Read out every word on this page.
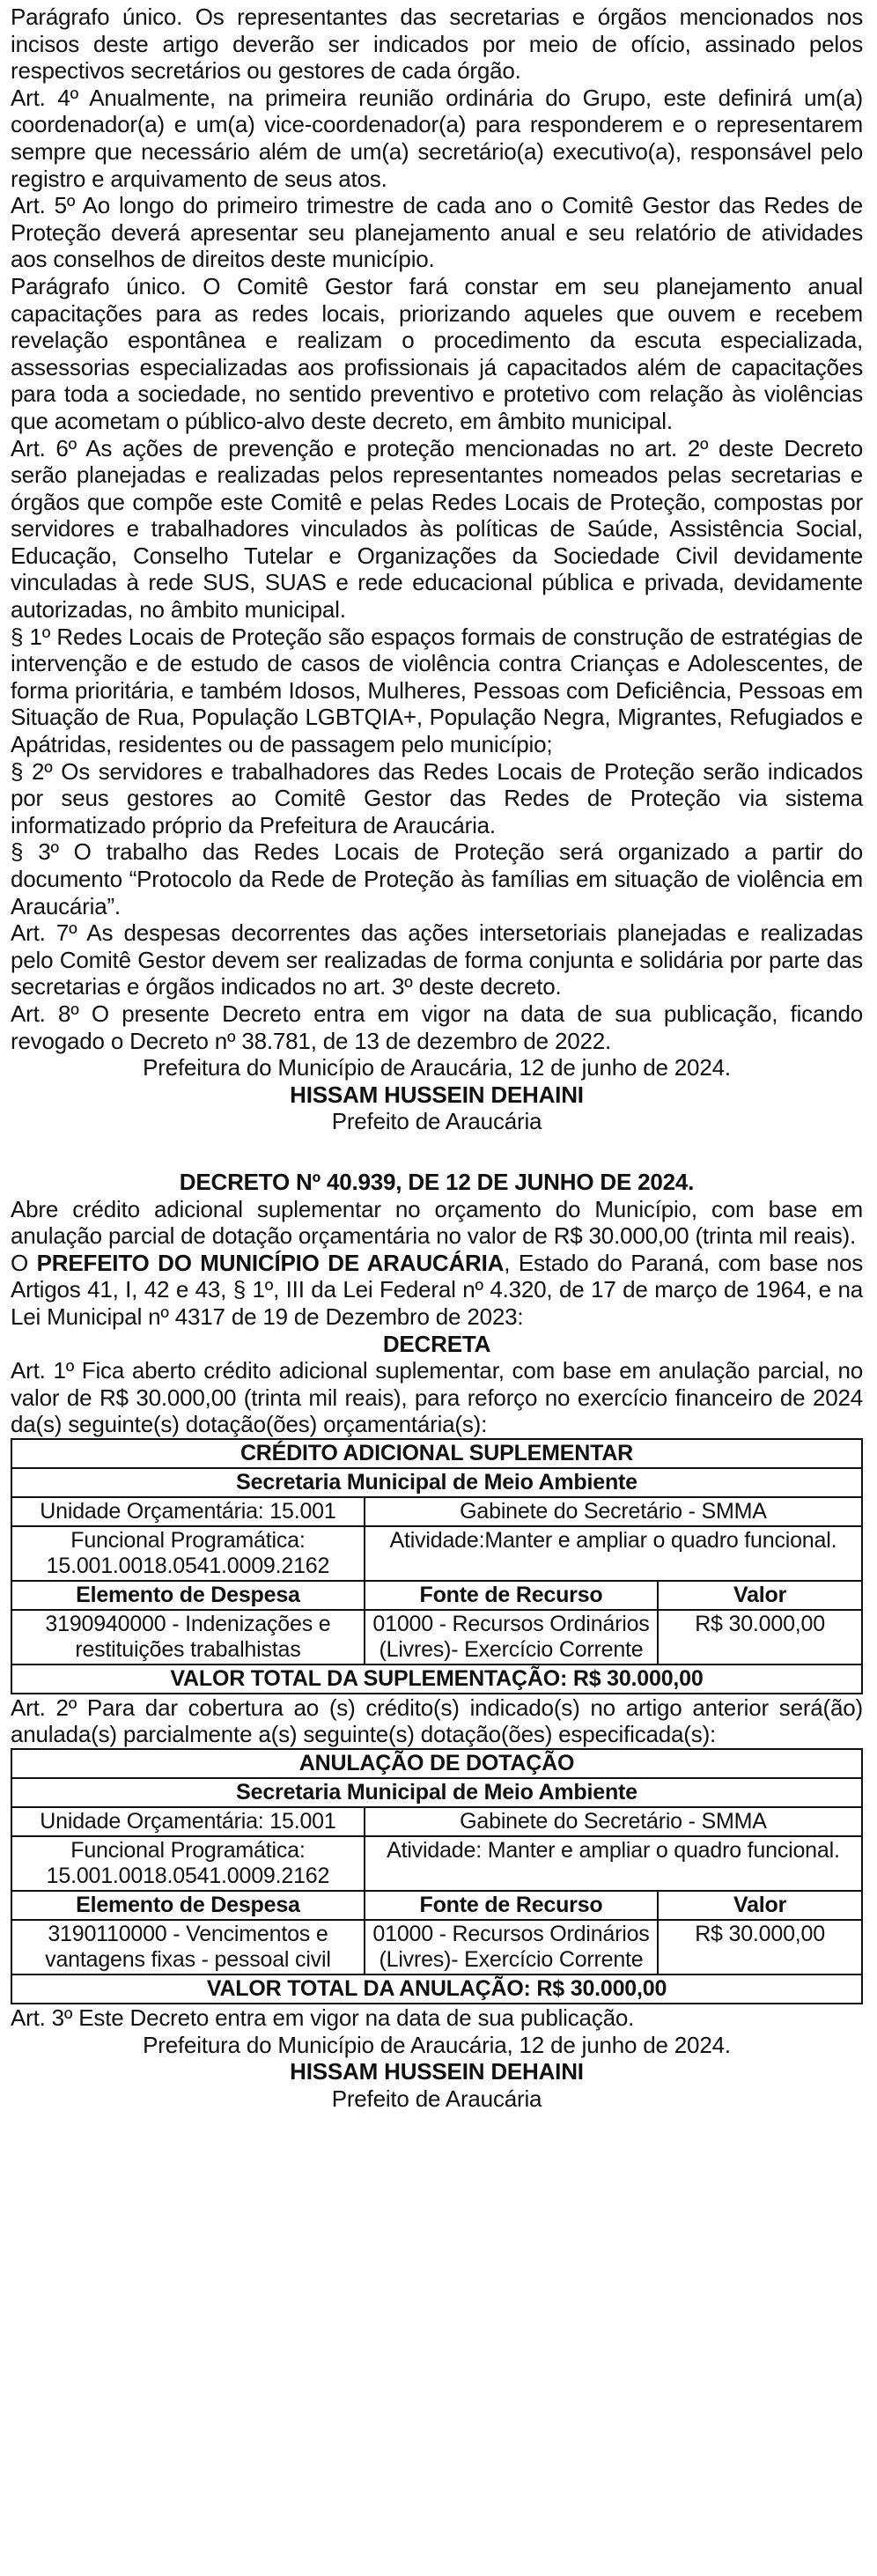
Parágrafo único. Os representantes das secretarias e órgãos mencionados nos incisos deste artigo deverão ser indicados por meio de ofício, assinado pelos respectivos secretários ou gestores de cada órgão.

Art. 4º Anualmente, na primeira reunião ordinária do Grupo, este definirá um(a) coordenador(a) e um(a) vice-coordenador(a) para responderem e o representarem sempre que necessário além de um(a) secretário(a) executivo(a), responsável pelo registro e arquivamento de seus atos.

Art. 5º Ao longo do primeiro trimestre de cada ano o Comitê Gestor das Redes de Proteção deverá apresentar seu planejamento anual e seu relatório de atividades aos conselhos de direitos deste município.

Parágrafo único. O Comitê Gestor fará constar em seu planejamento anual capacitações para as redes locais, priorizando aqueles que ouvem e recebem revelação espontânea e realizam o procedimento da escuta especializada, assessorias especializadas aos profissionais já capacitados além de capacitações para toda a sociedade, no sentido preventivo e protetivo com relação às violências que acometam o público-alvo deste decreto, em âmbito municipal.

Art. 6º As ações de prevenção e proteção mencionadas no art. 2º deste Decreto serão planejadas e realizadas pelos representantes nomeados pelas secretarias e órgãos que compõe este Comitê e pelas Redes Locais de Proteção, compostas por servidores e trabalhadores vinculados às políticas de Saúde, Assistência Social, Educação, Conselho Tutelar e Organizações da Sociedade Civil devidamente vinculadas à rede SUS, SUAS e rede educacional pública e privada, devidamente autorizadas, no âmbito municipal.

§ 1º Redes Locais de Proteção são espaços formais de construção de estratégias de intervenção e de estudo de casos de violência contra Crianças e Adolescentes, de forma prioritária, e também Idosos, Mulheres, Pessoas com Deficiência, Pessoas em Situação de Rua, População LGBTQIA+, População Negra, Migrantes, Refugiados e Apátridas, residentes ou de passagem pelo município;

§ 2º Os servidores e trabalhadores das Redes Locais de Proteção serão indicados por seus gestores ao Comitê Gestor das Redes de Proteção via sistema informatizado próprio da Prefeitura de Araucária.

§ 3º O trabalho das Redes Locais de Proteção será organizado a partir do documento “Protocolo da Rede de Proteção às famílias em situação de violência em Araucária”.

Art. 7º As despesas decorrentes das ações intersetoriais planejadas e realizadas pelo Comitê Gestor devem ser realizadas de forma conjunta e solidária por parte das secretarias e órgãos indicados no art. 3º deste decreto.

Art. 8º O presente Decreto entra em vigor na data de sua publicação, ficando revogado o Decreto nº 38.781, de 13 de dezembro de 2022.

Prefeitura do Município de Araucária, 12 de junho de 2024.

HISSAM HUSSEIN DEHAINI

Prefeito de Araucária

DECRETO Nº 40.939, DE 12 DE JUNHO DE 2024.

Abre crédito adicional suplementar no orçamento do Município, com base em anulação parcial de dotação orçamentária no valor de R$ 30.000,00 (trinta mil reais).

O PREFEITO DO MUNICÍPIO DE ARAUCÁRIA, Estado do Paraná, com base nos Artigos 41, I, 42 e 43, § 1º, III da Lei Federal nº 4.320, de 17 de março de 1964, e na Lei Municipal nº 4317 de 19 de Dezembro de 2023:

DECRETA

Art. 1º Fica aberto crédito adicional suplementar, com base em anulação parcial, no valor de R$ 30.000,00 (trinta mil reais), para reforço no exercício financeiro de 2024 da(s) seguinte(s) dotação(ões) orçamentária(s):

CRÉDITO ADICIONAL SUPLEMENTAR		
Secretaria Municipal de Meio Ambiente		
Unidade Orçamentária: 15.001	Gabinete do Secretário - SMMA	
Funcional Programática: 15.001.0018.0541.0009.2162	Atividade:Manter e ampliar o quadro funcional.	
Elemento de Despesa	Fonte de Recurso	Valor
3190940000 - Indenizações e restituições trabalhistas	01000 - Recursos Ordinários (Livres)- Exercício Corrente	R$ 30.000,00
VALOR TOTAL DA SUPLEMENTAÇÃO: R$ 30.000,00		

Art. 2º Para dar cobertura ao (s) crédito(s) indicado(s) no artigo anterior será(ão) anulada(s) parcialmente a(s) seguinte(s) dotação(ões) especificada(s):

ANULAÇÃO DE DOTAÇÃO		
Secretaria Municipal de Meio Ambiente		
Unidade Orçamentária: 15.001	Gabinete do Secretário - SMMA	
Funcional Programática: 15.001.0018.0541.0009.2162	Atividade: Manter e ampliar o quadro funcional.	
Elemento de Despesa	Fonte de Recurso	Valor
3190110000 - Vencimentos e vantagens fixas - pessoal civil	01000 - Recursos Ordinários (Livres)- Exercício Corrente	R$ 30.000,00
VALOR TOTAL DA ANULAÇÃO: R$ 30.000,00		

Art. 3º Este Decreto entra em vigor na data de sua publicação.

Prefeitura do Município de Araucária, 12 de junho de 2024.

HISSAM HUSSEIN DEHAINI

Prefeito de Araucária
